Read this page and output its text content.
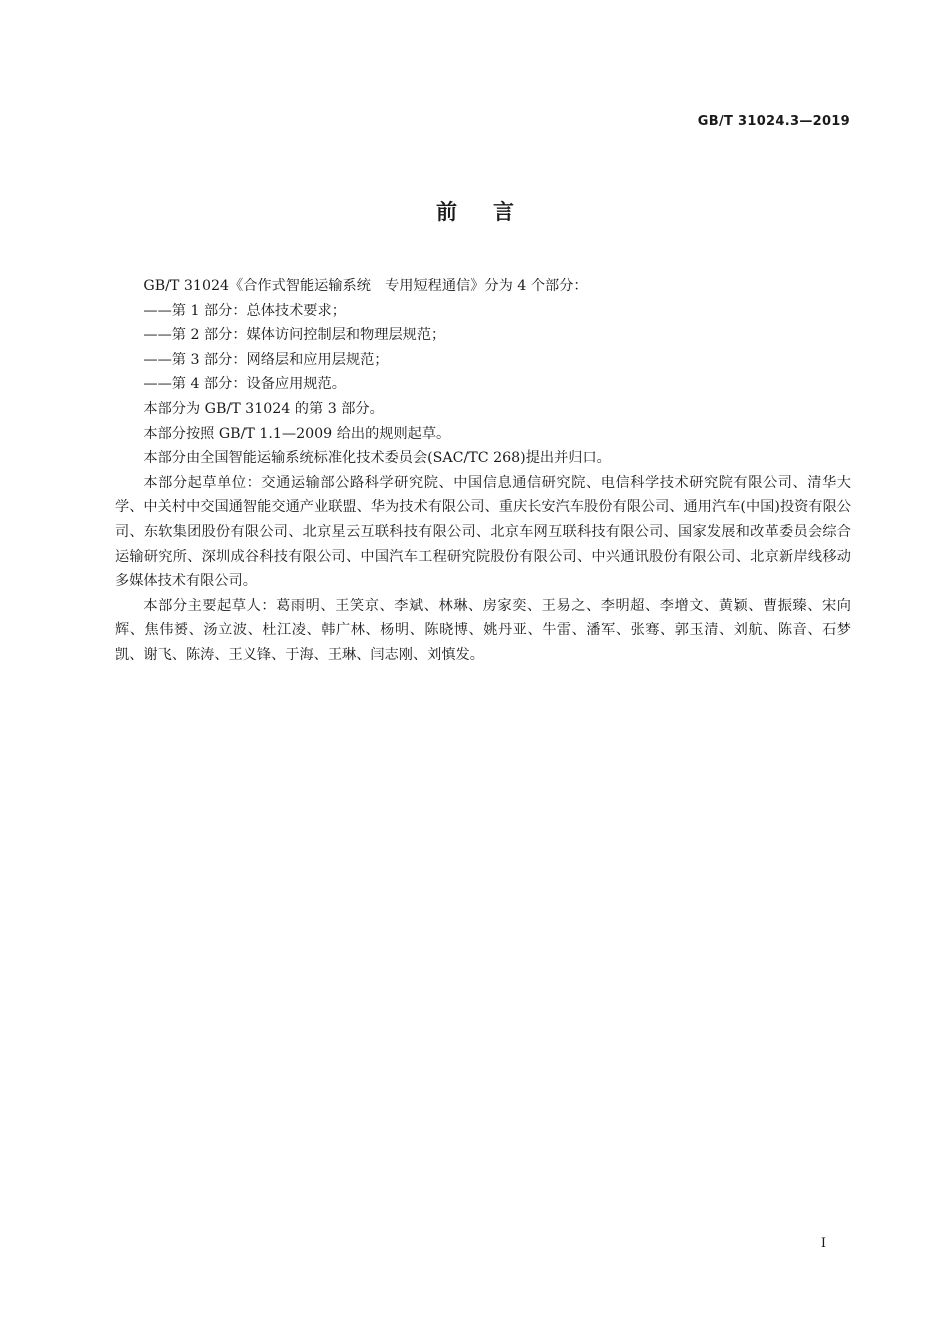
GB/T 31024.3—2019
前言

GB/T 31024《合作式智能运输系统　专用短程通信》分为 4 个部分：

——第 1 部分：总体技术要求；

——第 2 部分：媒体访问控制层和物理层规范；

——第 3 部分：网络层和应用层规范；

——第 4 部分：设备应用规范。

本部分为 GB/T 31024 的第 3 部分。

本部分按照 GB/T 1.1—2009 给出的规则起草。

本部分由全国智能运输系统标准化技术委员会(SAC/TC 268)提出并归口。

本部分起草单位：交通运输部公路科学研究院、中国信息通信研究院、电信科学技术研究院有限公司、清华大学、中关村中交国通智能交通产业联盟、华为技术有限公司、重庆长安汽车股份有限公司、通用汽车(中国)投资有限公司、东软集团股份有限公司、北京星云互联科技有限公司、北京车网互联科技有限公司、国家发展和改革委员会综合运输研究所、深圳成谷科技有限公司、中国汽车工程研究院股份有限公司、中兴通讯股份有限公司、北京新岸线移动多媒体技术有限公司。

本部分主要起草人：葛雨明、王笑京、李斌、林琳、房家奕、王易之、李明超、李增文、黄颖、曹振臻、宋向辉、焦伟赟、汤立波、杜江凌、韩广林、杨明、陈晓博、姚丹亚、牛雷、潘军、张骞、郭玉清、刘航、陈音、石梦凯、谢飞、陈涛、王义锋、于海、王琳、闫志刚、刘慎发。

I
